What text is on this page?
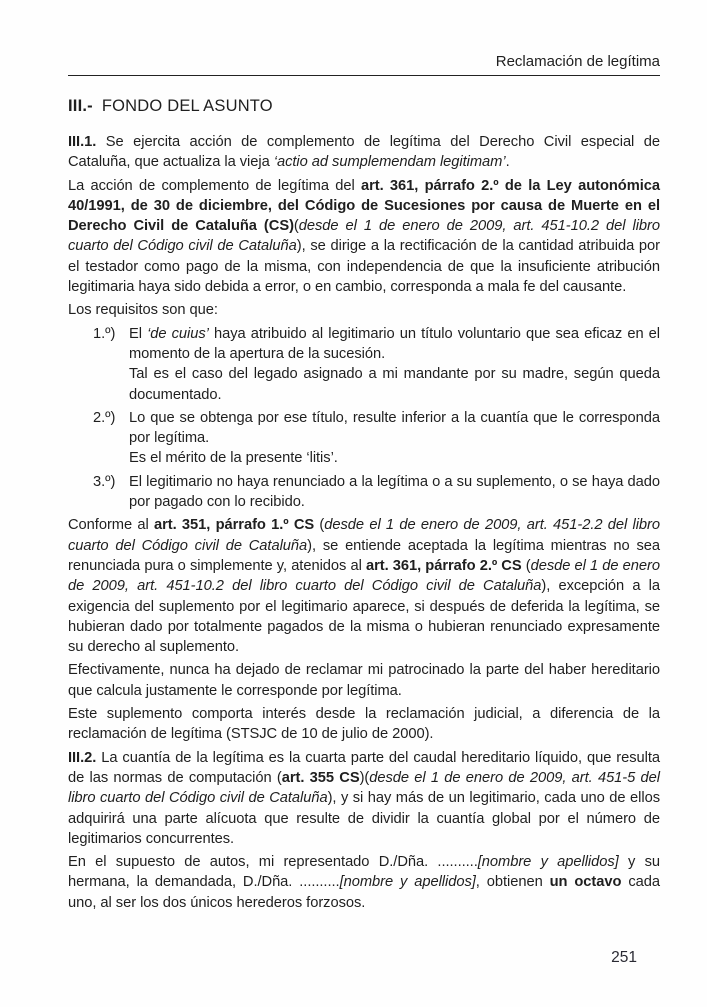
Reclamación de legítima
III.- FONDO DEL ASUNTO

III.1. Se ejercita acción de complemento de legítima del Derecho Civil especial de Cataluña, que actualiza la vieja ‘actio ad sumplemendam legitimam’.

La acción de complemento de legítima del art. 361, párrafo 2.º de la Ley autonómica 40/1991, de 30 de diciembre, del Código de Sucesiones por causa de Muerte en el Derecho Civil de Cataluña (CS)(desde el 1 de enero de 2009, art. 451-10.2 del libro cuarto del Código civil de Cataluña), se dirige a la rectificación de la cantidad atribuida por el testador como pago de la misma, con independencia de que la insuficiente atribución legitimaria haya sido debida a error, o en cambio, corresponda a mala fe del causante.

Los requisitos son que:

1.º) El ‘de cuius’ haya atribuido al legitimario un título voluntario que sea eficaz en el momento de la apertura de la sucesión.
Tal es el caso del legado asignado a mi mandante por su madre, según queda documentado.
2.º) Lo que se obtenga por ese título, resulte inferior a la cuantía que le corresponda por legítima.
Es el mérito de la presente ‘litis’.
3.º) El legitimario no haya renunciado a la legítima o a su suplemento, o se haya dado por pagado con lo recibido.

Conforme al art. 351, párrafo 1.º CS (desde el 1 de enero de 2009, art. 451-2.2 del libro cuarto del Código civil de Cataluña), se entiende aceptada la legítima mientras no sea renunciada pura o simplemente y, atenidos al art. 361, párrafo 2.º CS (desde el 1 de enero de 2009, art. 451-10.2 del libro cuarto del Código civil de Cataluña), excepción a la exigencia del suplemento por el legitimario aparece, si después de deferida la legítima, se hubieran dado por totalmente pagados de la misma o hubieran renunciado expresamente su derecho al suplemento.

Efectivamente, nunca ha dejado de reclamar mi patrocinado la parte del haber hereditario que calcula justamente le corresponde por legítima.

Este suplemento comporta interés desde la reclamación judicial, a diferencia de la reclamación de legítima (STSJC de 10 de julio de 2000).

III.2. La cuantía de la legítima es la cuarta parte del caudal hereditario líquido, que resulta de las normas de computación (art. 355 CS)(desde el 1 de enero de 2009, art. 451-5 del libro cuarto del Código civil de Cataluña), y si hay más de un legitimario, cada uno de ellos adquirirá una parte alícuota que resulte de dividir la cuantía global por el número de legitimarios concurrentes.

En el supuesto de autos, mi representado D./Dña. ..........[nombre y apellidos] y su hermana, la demandada, D./Dña. ..........[nombre y apellidos], obtienen un octavo cada uno, al ser los dos únicos herederos forzosos.

251
